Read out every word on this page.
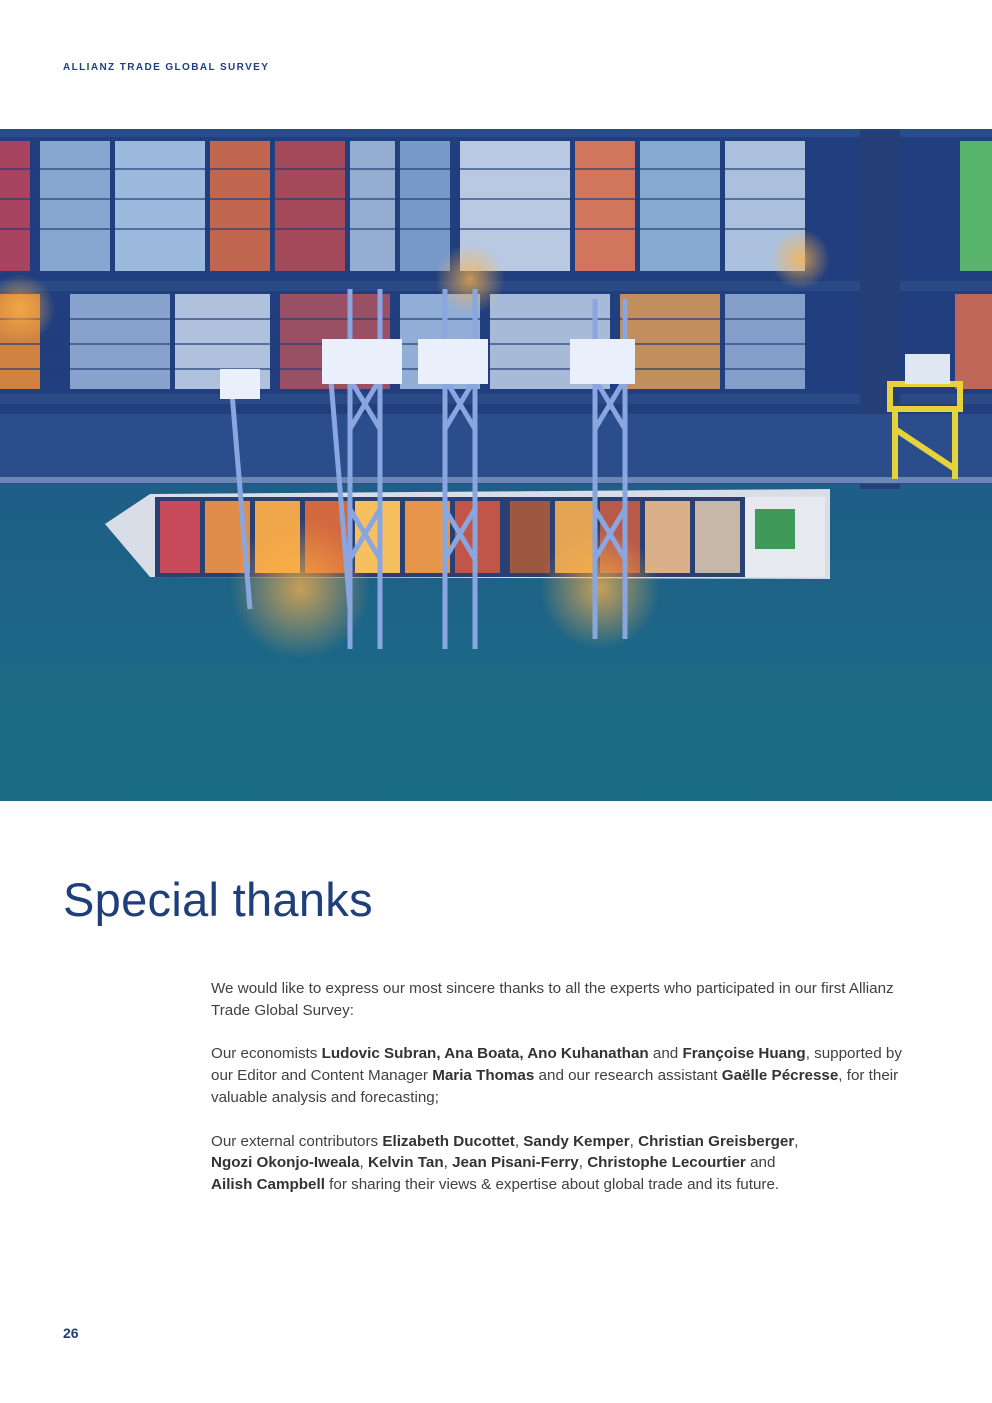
ALLIANZ TRADE GLOBAL SURVEY
Special thanks

We would like to express our most sincere thanks to all the experts who participated in our first Allianz Trade Global Survey:

Our economists Ludovic Subran, Ana Boata, Ano Kuhanathan and Françoise Huang, supported by our Editor and Content Manager Maria Thomas and our research assistant Gaëlle Pécresse, for their valuable analysis and forecasting;

Our external contributors Elizabeth Ducottet, Sandy Kemper, Christian Greisberger,
Ngozi Okonjo-Iweala, Kelvin Tan, Jean Pisani-Ferry, Christophe Lecourtier and
Ailish Campbell for sharing their views & expertise about global trade and its future.

26
